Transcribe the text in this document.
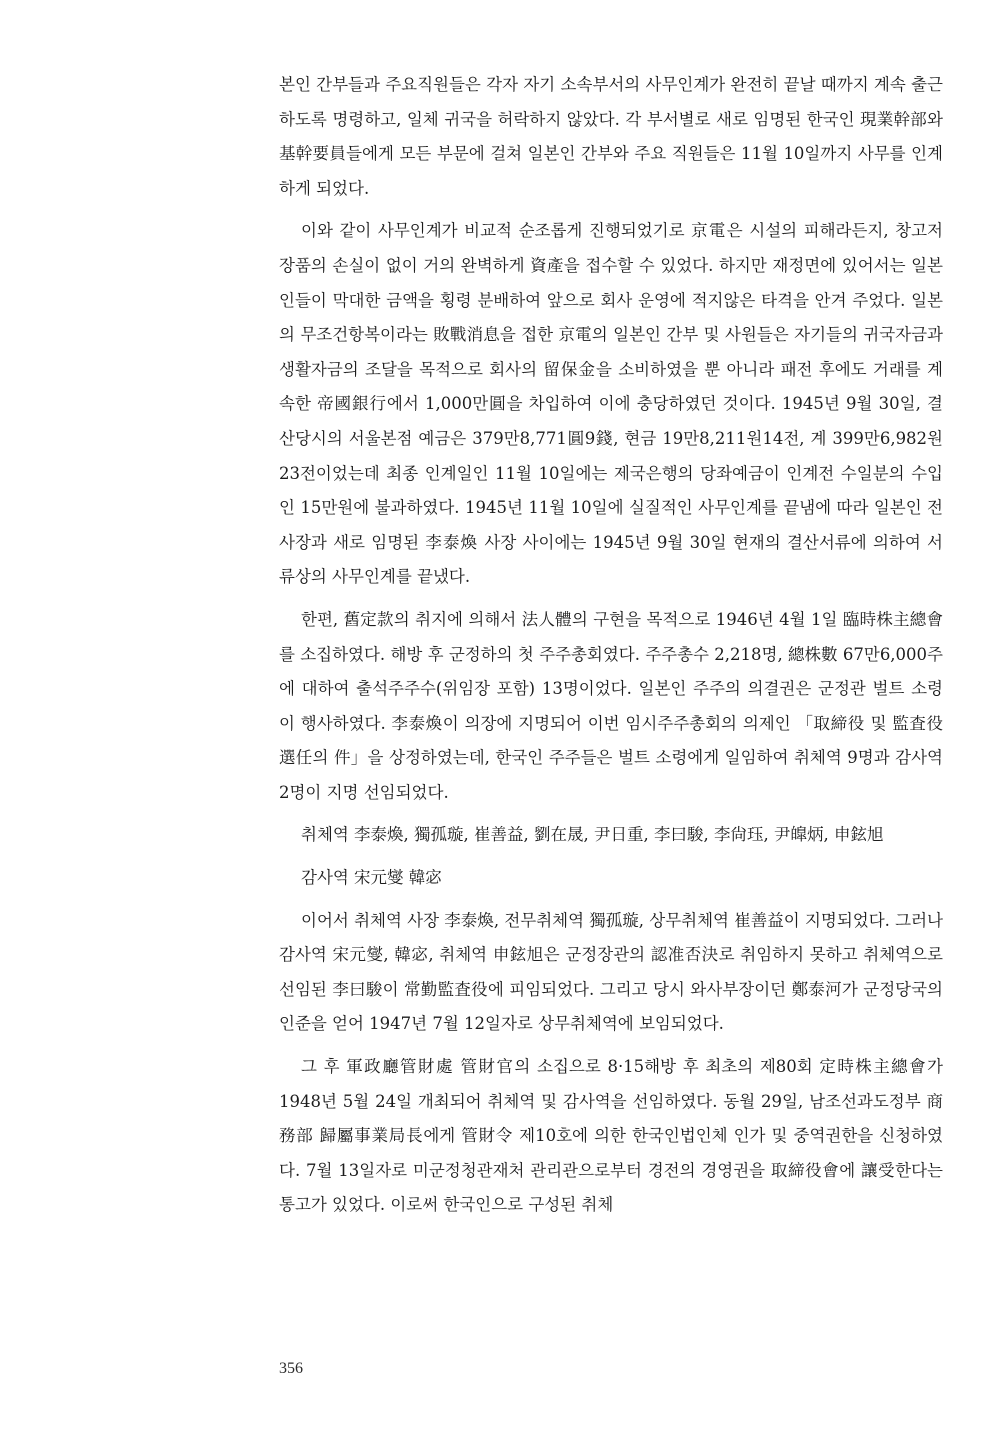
본인 간부들과 주요직원들은 각자 자기 소속부서의 사무인계가 완전히 끝날 때까지 계속 출근하도록 명령하고, 일체 귀국을 허락하지 않았다. 각 부서별로 새로 임명된 한국인 現業幹部와 基幹要員들에게 모든 부문에 걸쳐 일본인 간부와 주요 직원들은 11월 10일까지 사무를 인계하게 되었다.

이와 같이 사무인계가 비교적 순조롭게 진행되었기로 京電은 시설의 피해라든지, 창고저장품의 손실이 없이 거의 완벽하게 資產을 접수할 수 있었다. 하지만 재정면에 있어서는 일본인들이 막대한 금액을 횡령 분배하여 앞으로 회사 운영에 적지않은 타격을 안겨 주었다. 일본의 무조건항복이라는 敗戰消息을 접한 京電의 일본인 간부 및 사원들은 자기들의 귀국자금과 생활자금의 조달을 목적으로 회사의 留保金을 소비하였을 뿐 아니라 패전 후에도 거래를 계속한 帝國銀行에서 1,000만圓을 차입하여 이에 충당하였던 것이다. 1945년 9월 30일, 결산당시의 서울본점 예금은 379만8,771圓9錢, 현금 19만8,211원14전, 계 399만6,982원23전이었는데 최종 인계일인 11월 10일에는 제국은행의 당좌예금이 인계전 수일분의 수입인 15만원에 불과하였다. 1945년 11월 10일에 실질적인 사무인계를 끝냄에 따라 일본인 전 사장과 새로 임명된 李泰煥 사장 사이에는 1945년 9월 30일 현재의 결산서류에 의하여 서류상의 사무인계를 끝냈다.

한편, 舊定款의 취지에 의해서 法人體의 구현을 목적으로 1946년 4월 1일 臨時株主總會를 소집하였다. 해방 후 군정하의 첫 주주총회였다. 주주총수 2,218명, 總株數 67만6,000주에 대하여 출석주주수(위임장 포함) 13명이었다. 일본인 주주의 의결권은 군정관 벌트 소령이 행사하였다. 李泰煥이 의장에 지명되어 이번 임시주주총회의 의제인 「取締役 및 監査役 選任의 件」을 상정하였는데, 한국인 주주들은 벌트 소령에게 일임하여 취체역 9명과 감사역 2명이 지명 선임되었다.

취체역 李泰煥, 獨孤璇, 崔善益, 劉在晟, 尹日重, 李曰駿, 李尙珏, 尹皥炳, 申鉉旭

감사역 宋元燮 韓宓

이어서 취체역 사장 李泰煥, 전무취체역 獨孤璇, 상무취체역 崔善益이 지명되었다. 그러나 감사역 宋元燮, 韓宓, 취체역 申鉉旭은 군정장관의 認准否決로 취임하지 못하고 취체역으로 선임된 李曰駿이 常勤監査役에 피임되었다. 그리고 당시 와사부장이던 鄭泰河가 군정당국의 인준을 얻어 1947년 7월 12일자로 상무취체역에 보임되었다.

그 후 軍政廳管財處 管財官의 소집으로 8·15해방 후 최초의 제80회 定時株主總會가 1948년 5월 24일 개최되어 취체역 및 감사역을 선임하였다. 동월 29일, 남조선과도정부 商務部 歸屬事業局長에게 管財令 제10호에 의한 한국인법인체 인가 및 중역권한을 신청하였다. 7월 13일자로 미군정청관재처 관리관으로부터 경전의 경영권을 取締役會에 讓受한다는 통고가 있었다. 이로써 한국인으로 구성된 취체

356
